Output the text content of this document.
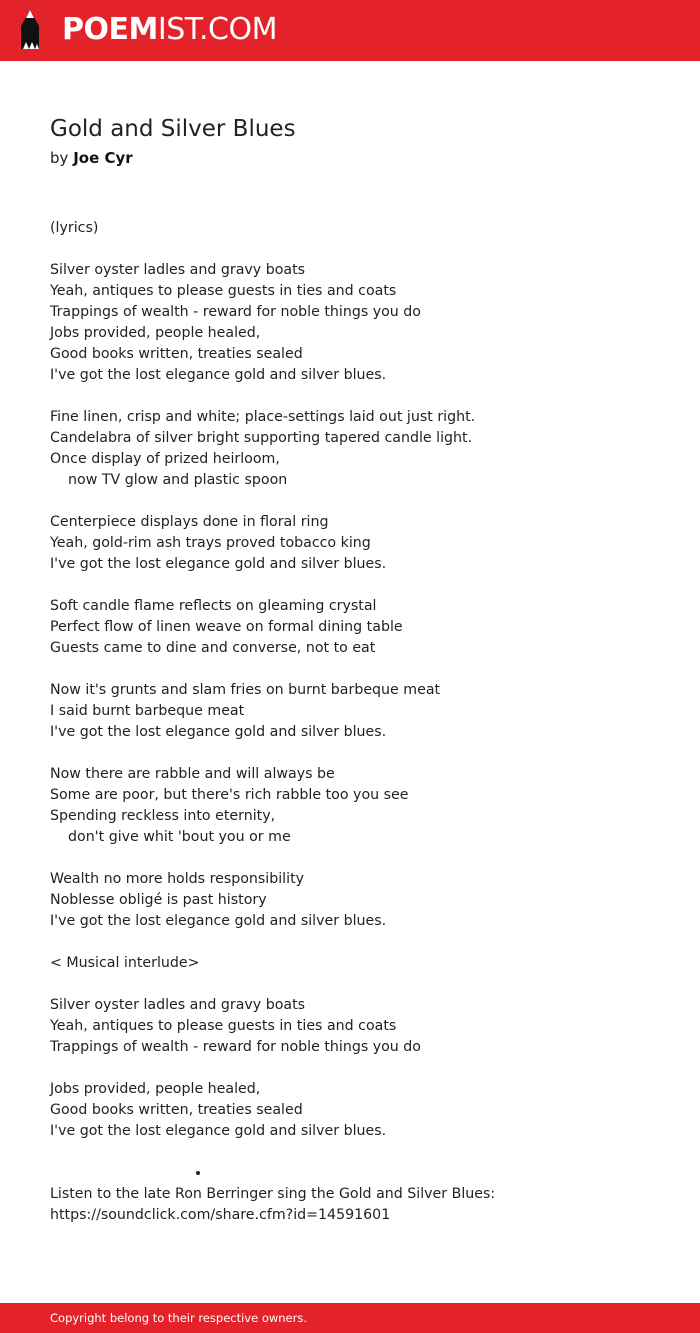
POEMIST.COM
Gold and Silver Blues
by Joe Cyr
(lyrics)
Silver oyster ladles and gravy boats
Yeah, antiques to please guests in ties and coats
Trappings of wealth - reward for noble things you do
Jobs provided, people healed,
Good books written, treaties sealed
I've got the lost elegance gold and silver blues.
Fine linen, crisp and white; place-settings laid out just right.
Candelabra of silver bright supporting tapered candle light.
Once display of prized heirloom,
now TV glow and plastic spoon
Centerpiece displays done in floral ring
Yeah, gold-rim ash trays proved tobacco king
I've got the lost elegance gold and silver blues.
Soft candle flame reflects on gleaming crystal
Perfect flow of linen weave on formal dining table
Guests came to dine and converse, not to eat
Now it's grunts and slam fries on burnt barbeque meat
I said burnt barbeque meat
I've got the lost elegance gold and silver blues.
Now there are rabble and will always be
Some are poor, but there's rich rabble too you see
Spending reckless into eternity,
don't give whit 'bout you or me
Wealth no more holds responsibility
Noblesse obligé is past history
I've got the lost elegance gold and silver blues.
< Musical interlude>
Silver oyster ladles and gravy boats
Yeah, antiques to please guests in ties and coats
Trappings of wealth - reward for noble things you do
Jobs provided, people healed,
Good books written, treaties sealed
I've got the lost elegance gold and silver blues.
Listen to the late Ron Berringer sing the Gold and Silver Blues:
https://soundclick.com/share.cfm?id=14591601
Copyright belong to their respective owners.
